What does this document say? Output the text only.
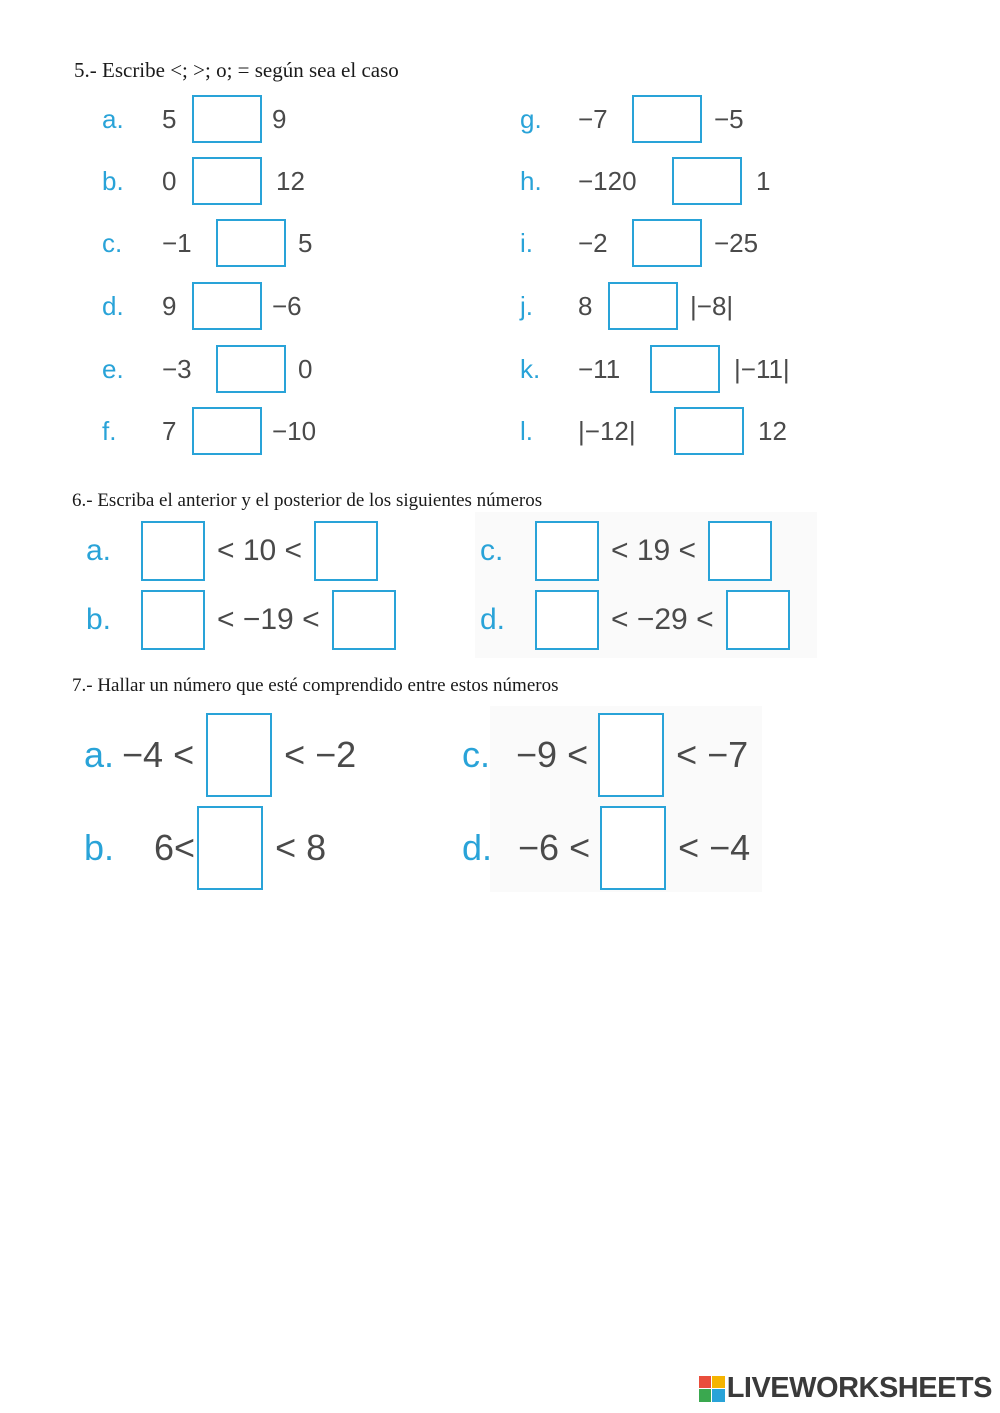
5.- Escribe <; >; o; = según sea el caso
a.	5	9
b.	0	12
c.	−1	5
d.	9	−6
e.	−3	0
f.	7	−10
g.	−7	−5
h.	−120	1
i.	−2	−25
j.	8	|−8|
k.	−11	|−11|
l.	|−12|	12
6.- Escriba el anterior y el posterior de los siguientes números
a.	< 10 <
b.	< −19 <
c.	< 19 <
d.	< −29 <
7.- Hallar un número que esté comprendido entre estos números
a. −4 <	< −2
b. 6< < 8
c. −9 < < −7
d. −6 < < −4
LIVEWORKSHEETS
